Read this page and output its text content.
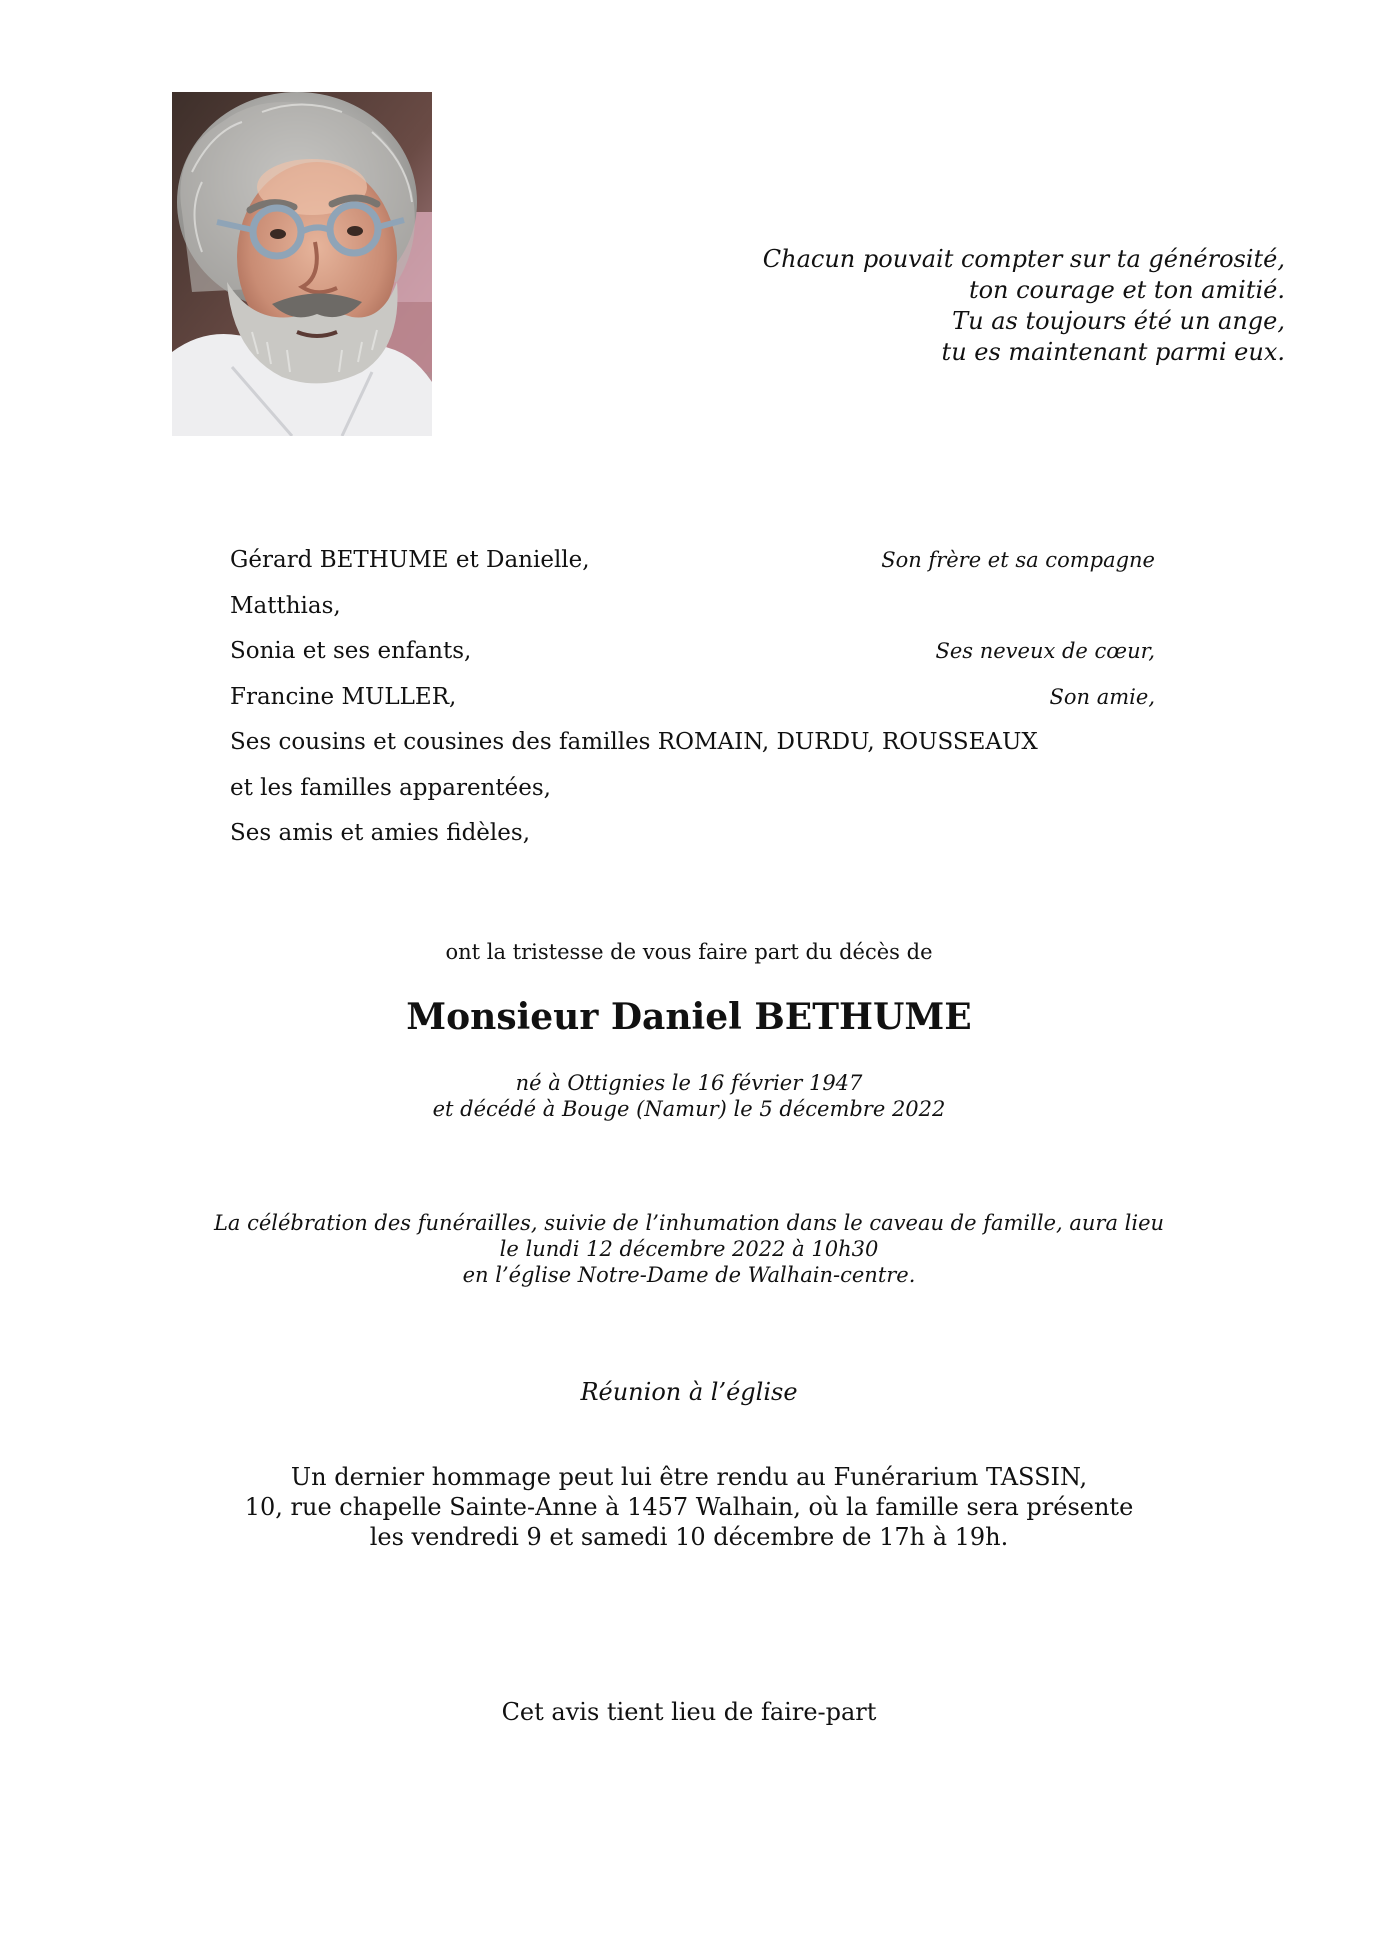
Chacun pouvait compter sur ta générosité,
ton courage et ton amitié.
Tu as toujours été un ange,
tu es maintenant parmi eux.
Gérard BETHUME et Danielle,	Son frère et sa compagne
Matthias,
Sonia et ses enfants,	Ses neveux de cœur,
Francine MULLER,	Son amie,
Ses cousins et cousines des familles ROMAIN, DURDU, ROUSSEAUX
et les familles apparentées,
Ses amis et amies fidèles,
ont la tristesse de vous faire part du décès de
Monsieur Daniel BETHUME
né à Ottignies le 16 février 1947
et décédé à Bouge (Namur) le 5 décembre 2022
La célébration des funérailles, suivie de l’inhumation dans le caveau de famille, aura lieu
le lundi 12 décembre 2022 à 10h30
en l’église Notre-Dame de Walhain-centre.
Réunion à l’église
Un dernier hommage peut lui être rendu au Funérarium TASSIN,
10, rue chapelle Sainte-Anne à 1457 Walhain, où la famille sera présente
les vendredi 9 et samedi 10 décembre de 17h à 19h.
Cet avis tient lieu de faire-part
